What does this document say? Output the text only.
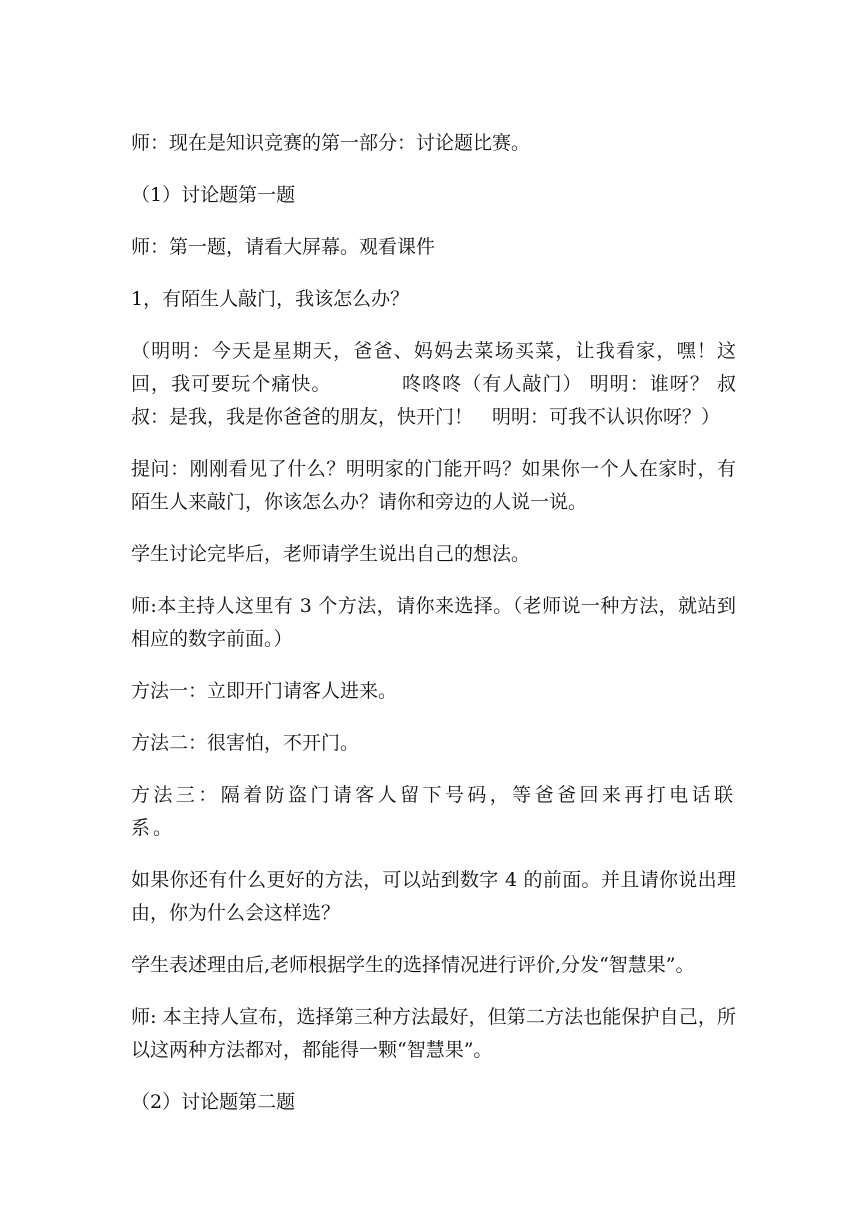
师：现在是知识竞赛的第一部分：讨论题比赛。

（1）讨论题第一题

师：第一题，请看大屏幕。观看课件

1，有陌生人敲门，我该怎么办？

（明明：今天是星期天，爸爸、妈妈去菜场买菜，让我看家，嘿！这回，我可要玩个痛快。　　　　咚咚咚（有人敲门） 明明：谁呀？ 叔叔：是我，我是你爸爸的朋友，快开门！　明明：可我不认识你呀？）

提问：刚刚看见了什么？明明家的门能开吗？如果你一个人在家时，有陌生人来敲门，你该怎么办？请你和旁边的人说一说。

学生讨论完毕后，老师请学生说出自己的想法。

师:本主持人这里有 3 个方法，请你来选择。（老师说一种方法，就站到相应的数字前面。）

方法一：立即开门请客人进来。

方法二：很害怕，不开门。

方法三：隔着防盗门请客人留下号码，等爸爸回来再打电话联系。

如果你还有什么更好的方法，可以站到数字 4 的前面。并且请你说出理由，你为什么会这样选？

学生表述理由后,老师根据学生的选择情况进行评价,分发“智慧果”。

师: 本主持人宣布，选择第三种方法最好，但第二方法也能保护自己，所以这两种方法都对，都能得一颗“智慧果”。

（2）讨论题第二题
